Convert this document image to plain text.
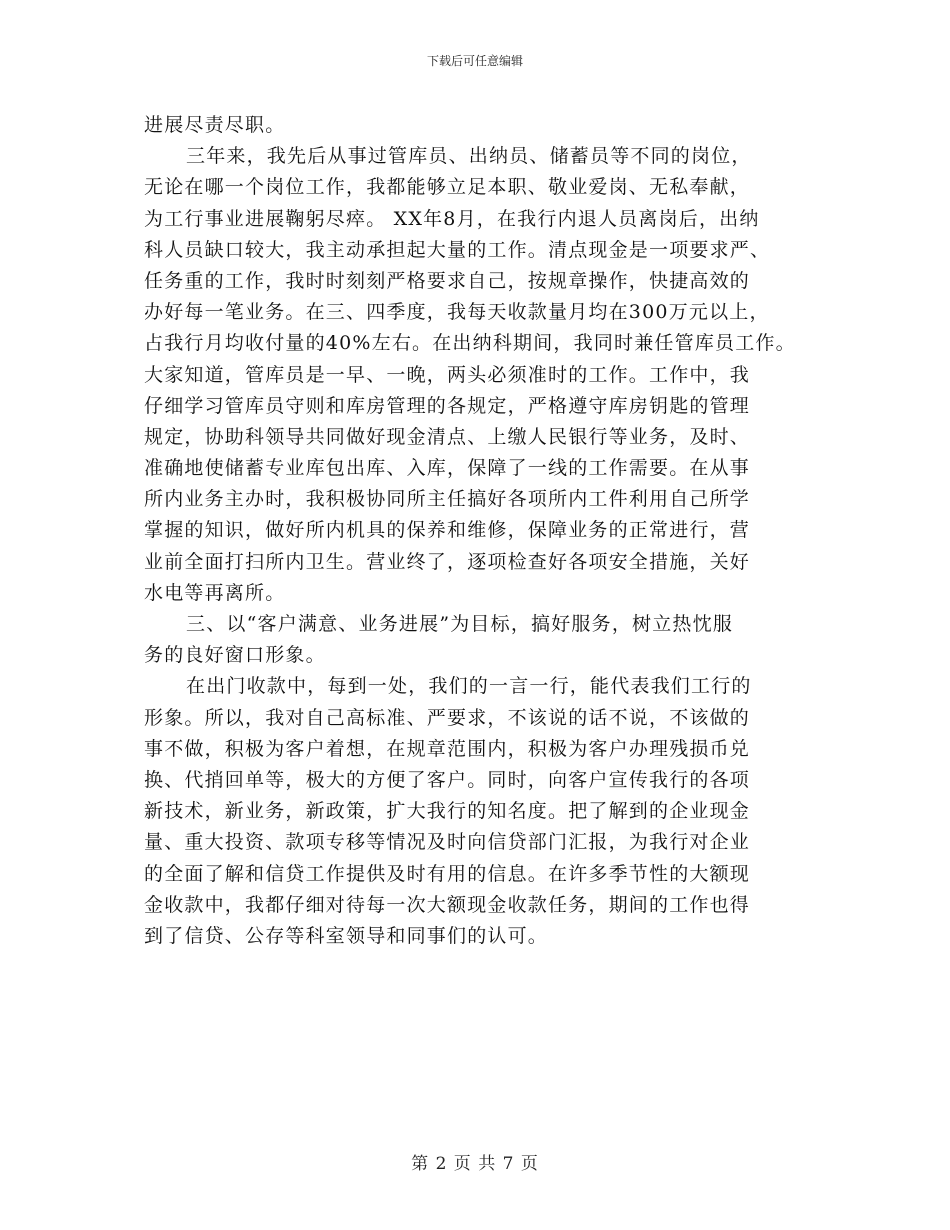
下载后可任意编辑
进展尽责尽职。
三年来，我先后从事过管库员、出纳员、储蓄员等不同的岗位，
无论在哪一个岗位工作，我都能够立足本职、敬业爱岗、无私奉献，
为工行事业进展鞠躬尽瘁。 XX年8月，在我行内退人员离岗后，出纳
科人员缺口较大，我主动承担起大量的工作。清点现金是一项要求严、
任务重的工作，我时时刻刻严格要求自己，按规章操作，快捷高效的
办好每一笔业务。在三、四季度，我每天收款量月均在300万元以上，
占我行月均收付量的40%左右。在出纳科期间，我同时兼任管库员工作。
大家知道，管库员是一早、一晚，两头必须准时的工作。工作中，我
仔细学习管库员守则和库房管理的各规定，严格遵守库房钥匙的管理
规定，协助科领导共同做好现金清点、上缴人民银行等业务，及时、
准确地使储蓄专业库包出库、入库，保障了一线的工作需要。在从事
所内业务主办时，我积极协同所主任搞好各项所内工件利用自己所学
掌握的知识，做好所内机具的保养和维修，保障业务的正常进行，营
业前全面打扫所内卫生。营业终了，逐项检查好各项安全措施，关好
水电等再离所。
三、以“客户满意、业务进展”为目标，搞好服务，树立热忱服
务的良好窗口形象。
在出门收款中，每到一处，我们的一言一行，能代表我们工行的
形象。所以，我对自己高标准、严要求，不该说的话不说，不该做的
事不做，积极为客户着想，在规章范围内，积极为客户办理残损币兑
换、代捎回单等，极大的方便了客户。同时，向客户宣传我行的各项
新技术，新业务，新政策，扩大我行的知名度。把了解到的企业现金
量、重大投资、款项专移等情况及时向信贷部门汇报，为我行对企业
的全面了解和信贷工作提供及时有用的信息。在许多季节性的大额现
金收款中，我都仔细对待每一次大额现金收款任务，期间的工作也得
到了信贷、公存等科室领导和同事们的认可。
第 2 页 共 7 页
